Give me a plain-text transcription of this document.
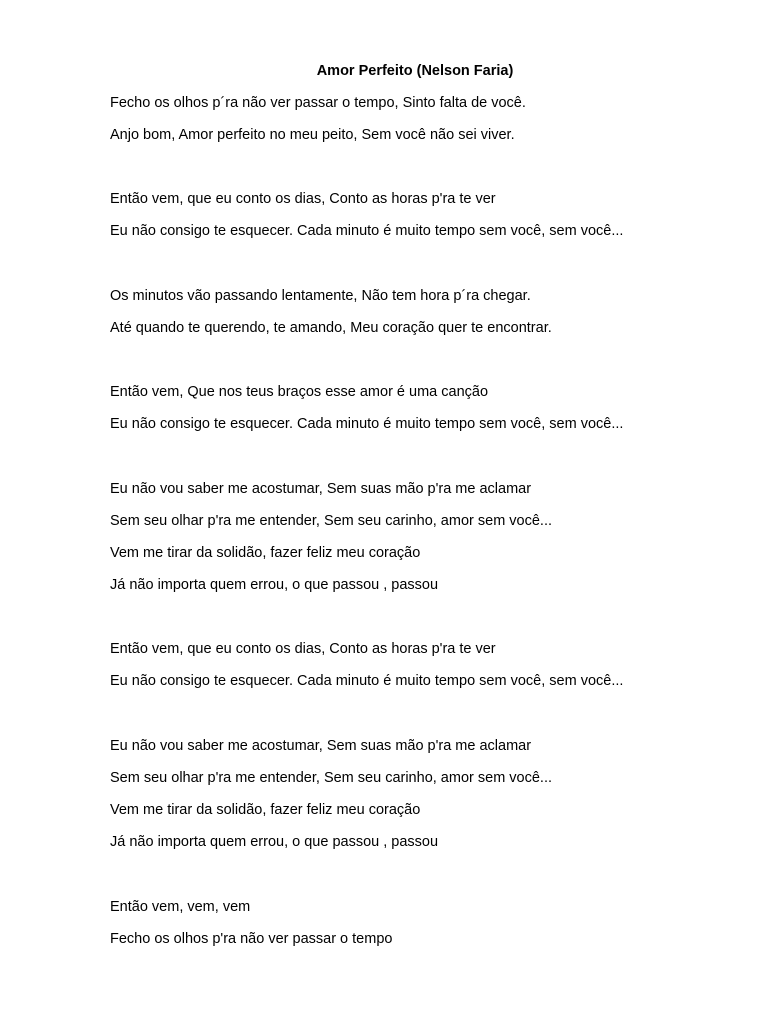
Amor Perfeito (Nelson Faria)
Fecho os olhos p´ra não ver passar o tempo, Sinto falta de você.
Anjo bom, Amor perfeito no meu peito, Sem você não sei viver.
Então vem, que eu conto os dias, Conto as horas p'ra te ver
Eu não consigo te esquecer. Cada minuto é muito tempo sem você, sem você...
Os minutos vão passando lentamente, Não tem hora p´ra chegar.
Até quando te querendo, te amando, Meu coração quer te encontrar.
Então vem, Que nos teus braços esse amor é uma canção
Eu não consigo te esquecer. Cada minuto é muito tempo sem você, sem você...
Eu não vou saber me acostumar, Sem suas mão p'ra me aclamar
Sem seu olhar p'ra me entender, Sem seu carinho, amor sem você...
Vem me tirar da solidão, fazer feliz meu coração
Já não importa quem errou, o que passou , passou
Então vem, que eu conto os dias, Conto as horas p'ra te ver
Eu não consigo te esquecer. Cada minuto é muito tempo sem você, sem você...
Eu não vou saber me acostumar, Sem suas mão p'ra me aclamar
Sem seu olhar p'ra me entender, Sem seu carinho, amor sem você...
Vem me tirar da solidão, fazer feliz meu coração
Já não importa quem errou, o que passou , passou
Então vem, vem, vem
Fecho os olhos p'ra não ver passar o tempo
